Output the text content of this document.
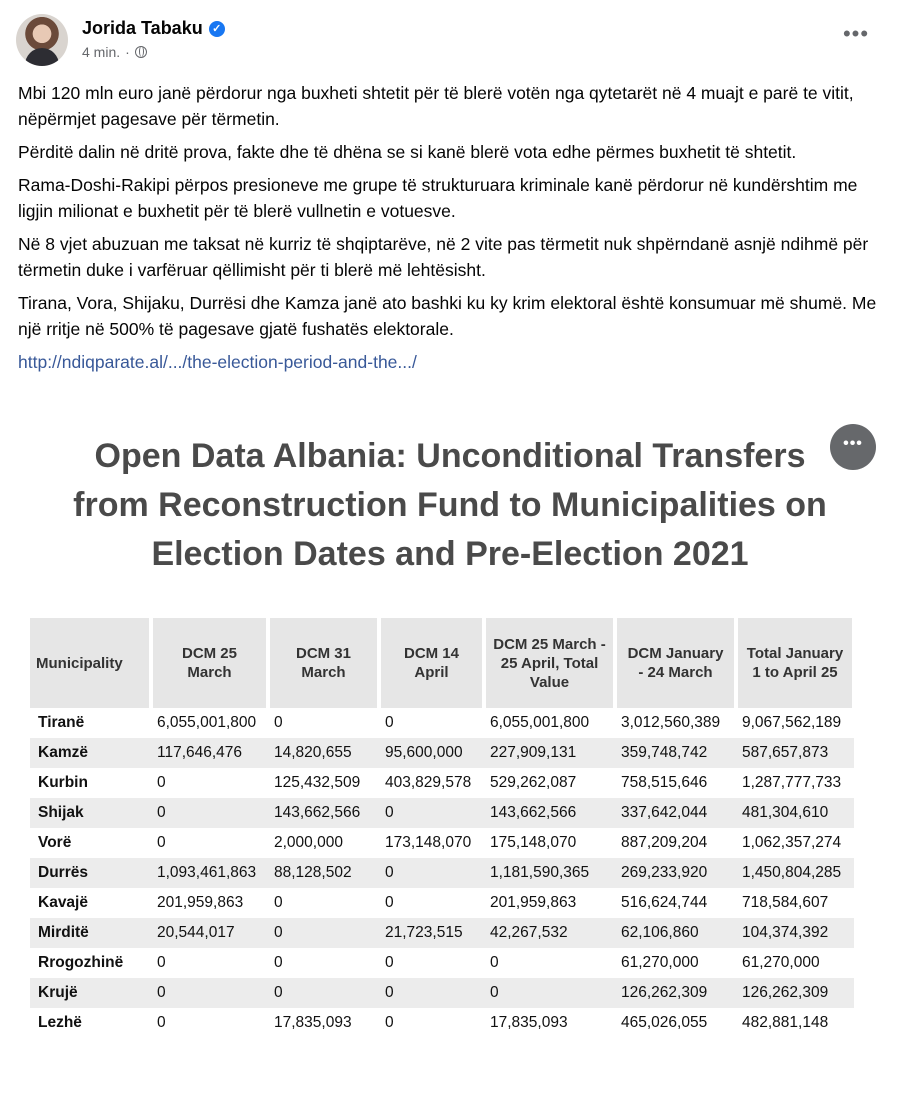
Jorida Tabaku ✓
4 min. ·
•••

Mbi 120 mln euro janë përdorur nga buxheti shtetit për të blerë votën nga qytetarët në 4 muajt e parë te vitit, nëpërmjet pagesave për tërmetin.

Përditë dalin në dritë prova, fakte dhe të dhëna se si kanë blerë vota edhe përmes buxhetit të shtetit.

Rama-Doshi-Rakipi përpos presioneve me grupe të strukturuara kriminale kanë përdorur në kundërshtim me ligjin milionat e buxhetit për të blerë vullnetin e votuesve.

Në 8 vjet abuzuan me taksat në kurriz të shqiptarëve, në 2 vite pas tërmetit nuk shpërndanë asnjë ndihmë për tërmetin duke i varfëruar qëllimisht për ti blerë më lehtësisht.

Tirana, Vora, Shijaku, Durrësi dhe Kamza janë ato bashki ku ky krim elektoral është konsumuar më shumë. Me një rritje në 500% të pagesave gjatë fushatës elektorale.

http://ndiqparate.al/.../the-election-period-and-the.../

•••
Open Data Albania: Unconditional Transfers
from Reconstruction Fund to Municipalities on
Election Dates and Pre-Election 2021
Municipality	DCM 25 March	DCM 31 March	DCM 14 April	DCM 25 March - 25 April, Total Value	DCM January - 24 March	Total January 1 to April 25
Tiranë	6,055,001,800	0	0	6,055,001,800	3,012,560,389	9,067,562,189
Kamzë	117,646,476	14,820,655	95,600,000	227,909,131	359,748,742	587,657,873
Kurbin	0	125,432,509	403,829,578	529,262,087	758,515,646	1,287,777,733
Shijak	0	143,662,566	0	143,662,566	337,642,044	481,304,610
Vorë	0	2,000,000	173,148,070	175,148,070	887,209,204	1,062,357,274
Durrës	1,093,461,863	88,128,502	0	1,181,590,365	269,233,920	1,450,804,285
Kavajë	201,959,863	0	0	201,959,863	516,624,744	718,584,607
Mirditë	20,544,017	0	21,723,515	42,267,532	62,106,860	104,374,392
Rrogozhinë	0	0	0	0	61,270,000	61,270,000
Krujë	0	0	0	0	126,262,309	126,262,309
Lezhë	0	17,835,093	0	17,835,093	465,026,055	482,881,148
